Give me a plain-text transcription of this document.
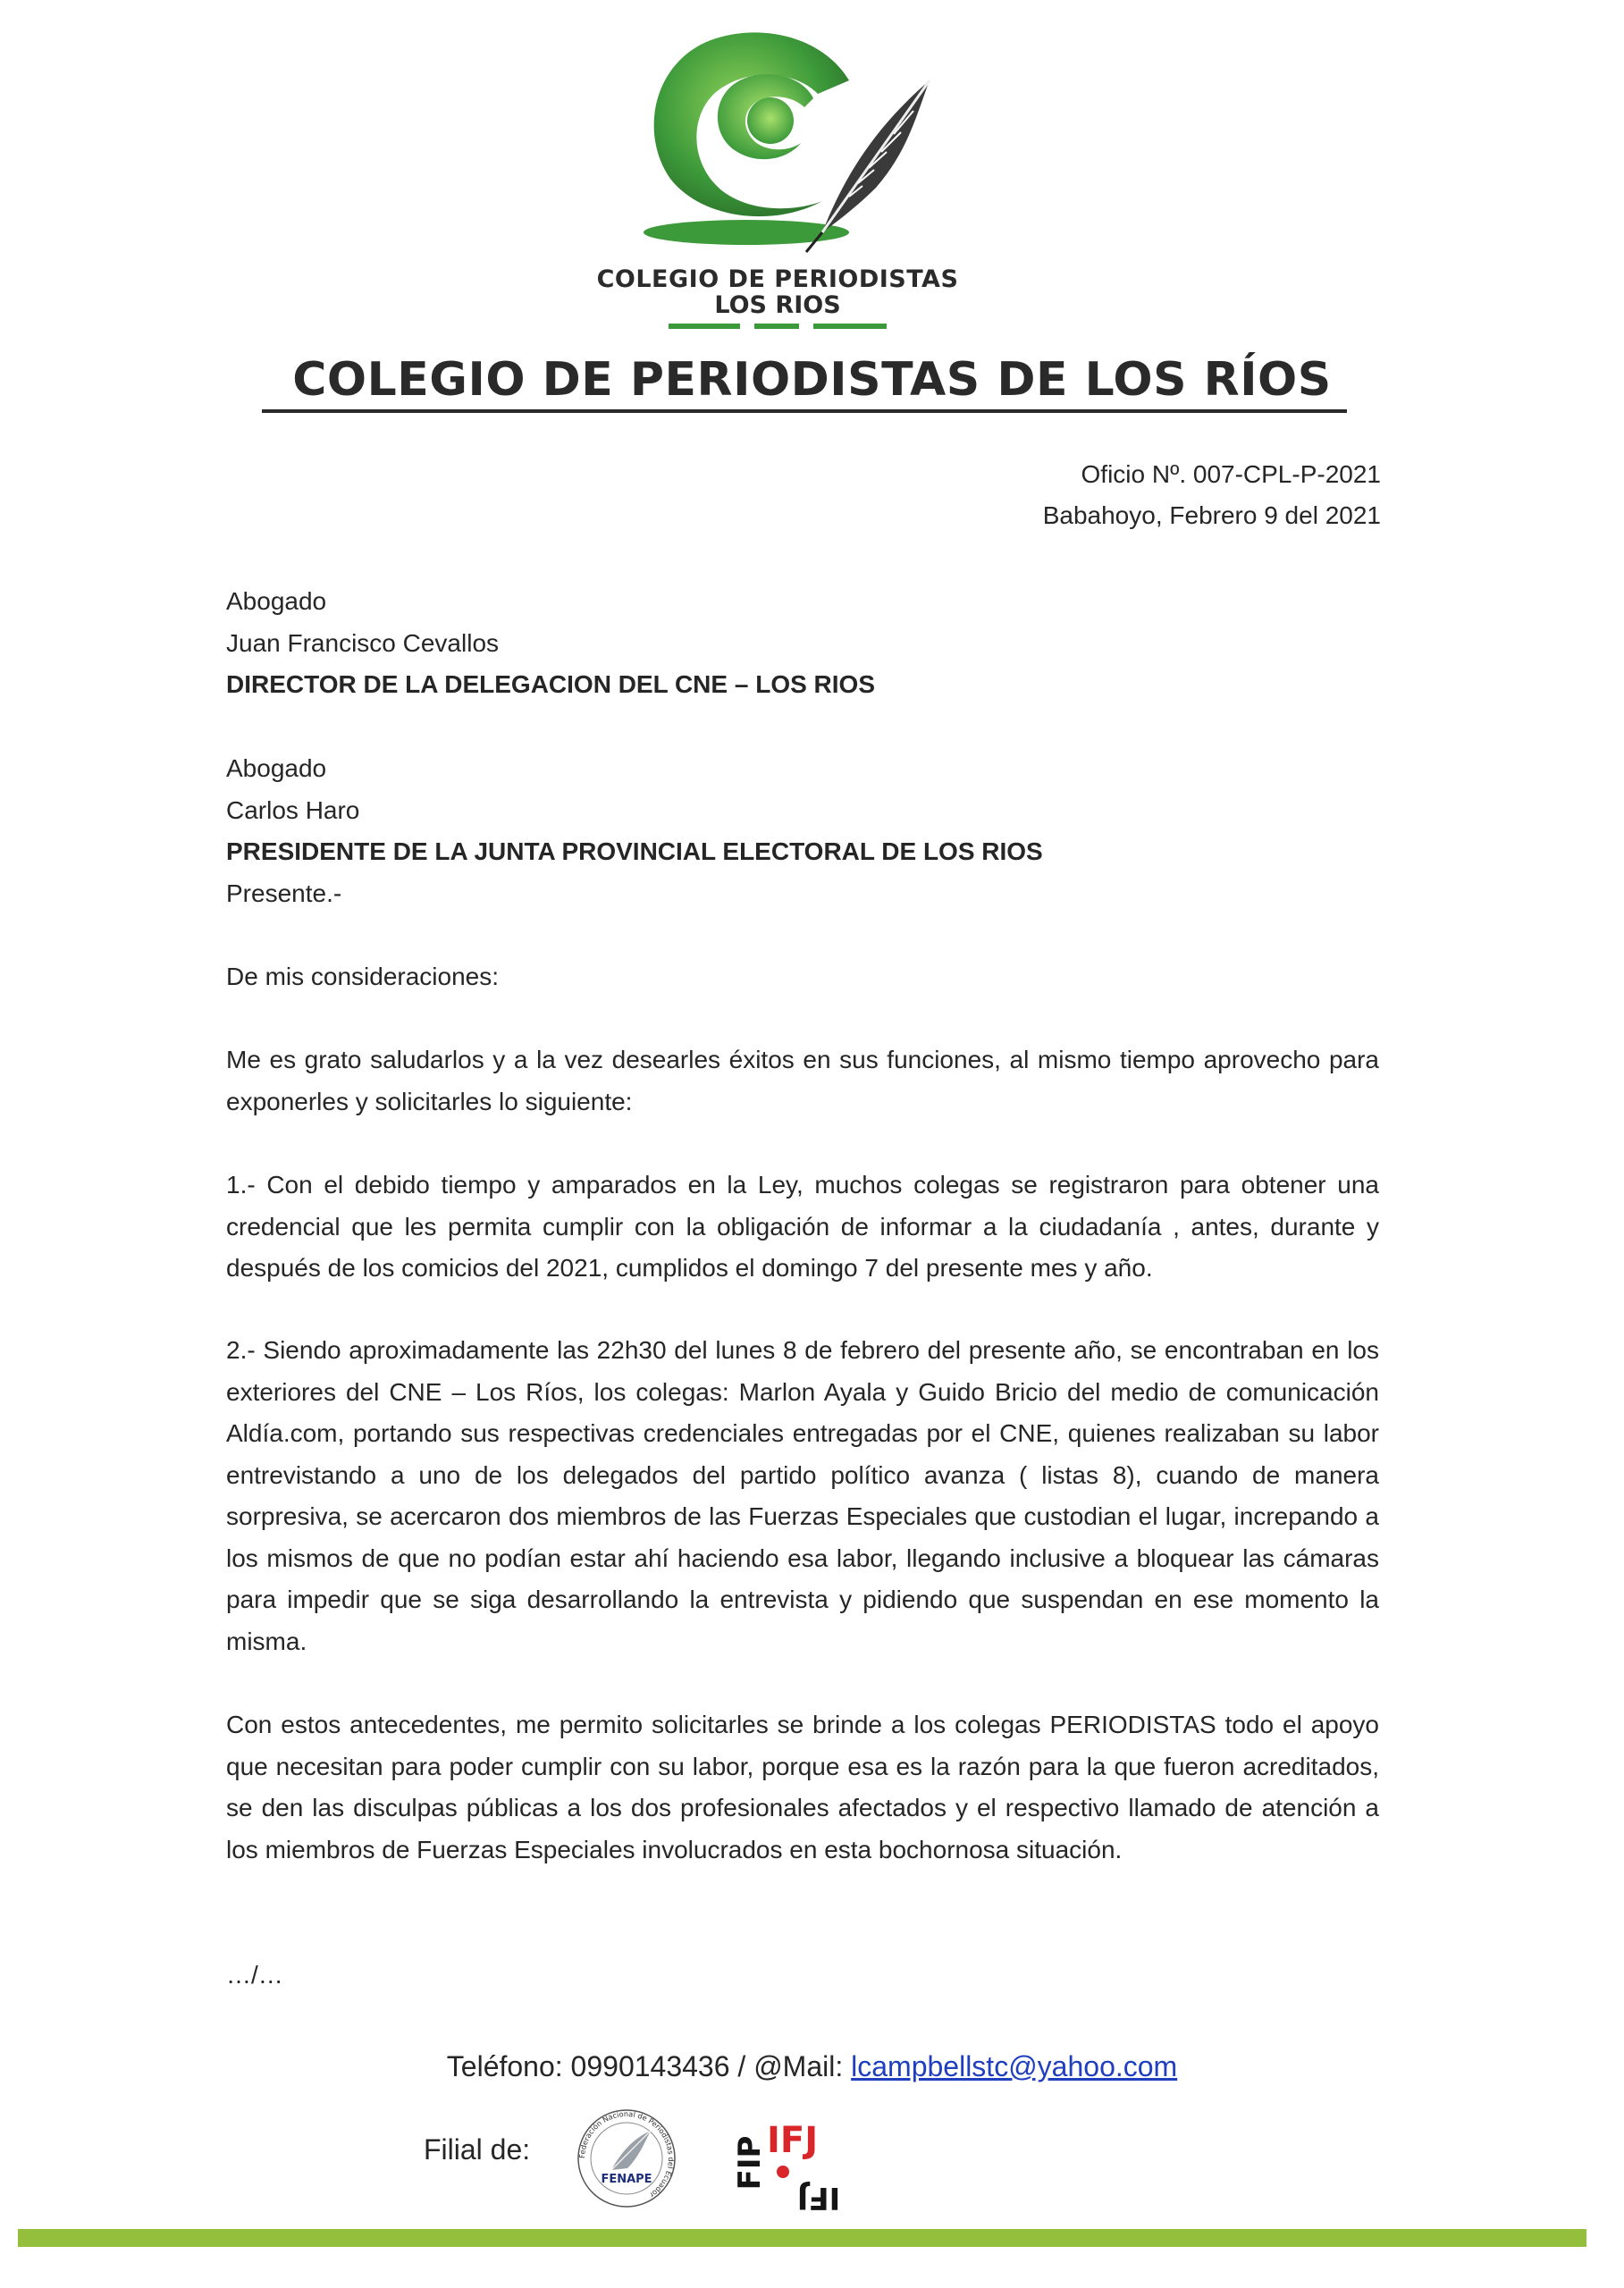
COLEGIO DE PERIODISTAS
LOS RIOS
COLEGIO DE PERIODISTAS DE LOS RÍOS
Oficio Nº. 007-CPL-P-2021
Babahoyo, Febrero 9 del 2021
Abogado
Juan Francisco Cevallos
DIRECTOR DE LA DELEGACION DEL CNE – LOS RIOS
Abogado
Carlos Haro
PRESIDENTE DE LA JUNTA PROVINCIAL ELECTORAL DE LOS RIOS
Presente.-
De mis consideraciones:
Me es grato saludarlos y a la vez desearles éxitos en sus funciones, al mismo tiempo aprovecho para exponerles y solicitarles lo siguiente:
1.- Con el debido tiempo y amparados en la Ley, muchos colegas se registraron para obtener una credencial que les permita cumplir con la obligación de informar a la ciudadanía , antes, durante y después de los comicios del 2021, cumplidos el domingo 7 del presente mes y año.
2.- Siendo aproximadamente las 22h30 del lunes 8 de febrero del presente año, se encontraban en los exteriores del CNE – Los Ríos, los colegas: Marlon Ayala y Guido Bricio del medio de comunicación Aldía.com, portando sus respectivas credenciales entregadas por el CNE, quienes realizaban su labor entrevistando a uno de los delegados del partido político avanza ( listas 8), cuando de manera sorpresiva, se acercaron dos miembros de las Fuerzas Especiales que custodian el lugar, increpando a los mismos de que no podían estar ahí haciendo esa labor, llegando inclusive a bloquear las cámaras para impedir que se siga desarrollando la entrevista y pidiendo que suspendan en ese momento la misma.
Con estos antecedentes, me permito solicitarles se brinde a los colegas PERIODISTAS todo el apoyo que necesitan para poder cumplir con su labor, porque esa es la razón para la que fueron acreditados, se den las disculpas públicas a los dos profesionales afectados y el respectivo llamado de atención a los miembros de Fuerzas Especiales involucrados en esta bochornosa situación.
…/…
Teléfono: 0990143436 / @Mail: lcampbellstc@yahoo.com
Filial de:	Federación Nacional de Periodistas del Ecuador
FENAPE
IFJ
FIP
IFJ
